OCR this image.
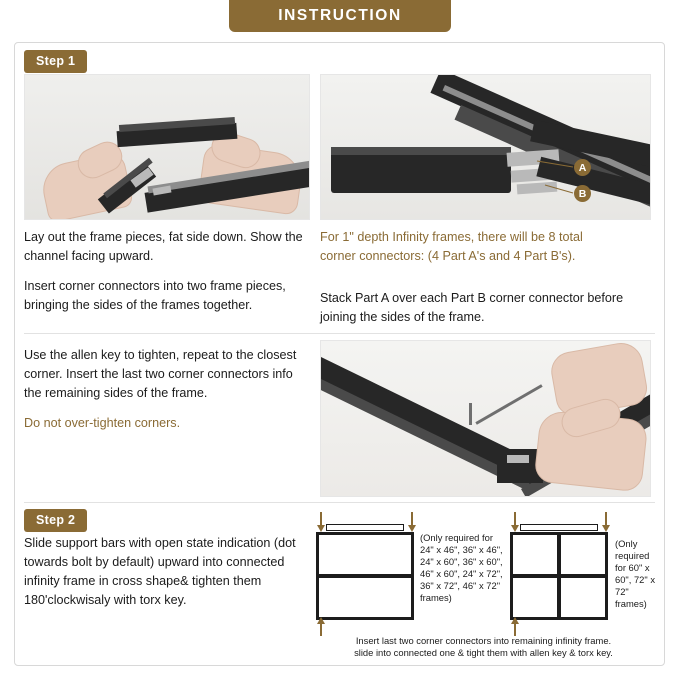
INSTRUCTION
Step 1
A
B

Lay out the frame pieces, fat side down. Show the channel facing upward.

Insert corner connectors into two frame pieces, bringing the sides of the frames together.

For 1" depth Infinity frames, there will be 8 total corner connectors: (4 Part A's and 4 Part B's).

Stack Part A over each Part B corner connector before joining the sides of the frame.

Use the allen key to tighten, repeat to the closest corner. Insert the last two corner connectors info the remaining sides of the frame.

Do not over-tighten corners.

Step 2

Slide support bars with open state indication (dot towards bolt by default) upward into connected infinity frame in cross shape& tighten them 180'clockwisaly with torx key.

(Only required for 24" x 46", 36" x 46", 24" x 60", 36" x 60", 46" x 60", 24" x 72", 36" x 72", 46" x 72" frames)
(Only required for 60" x 60", 72" x 72" frames)
Insert last two corner connectors into remaining infinity frame.
slide into connected one & tight them with allen key & torx key.
